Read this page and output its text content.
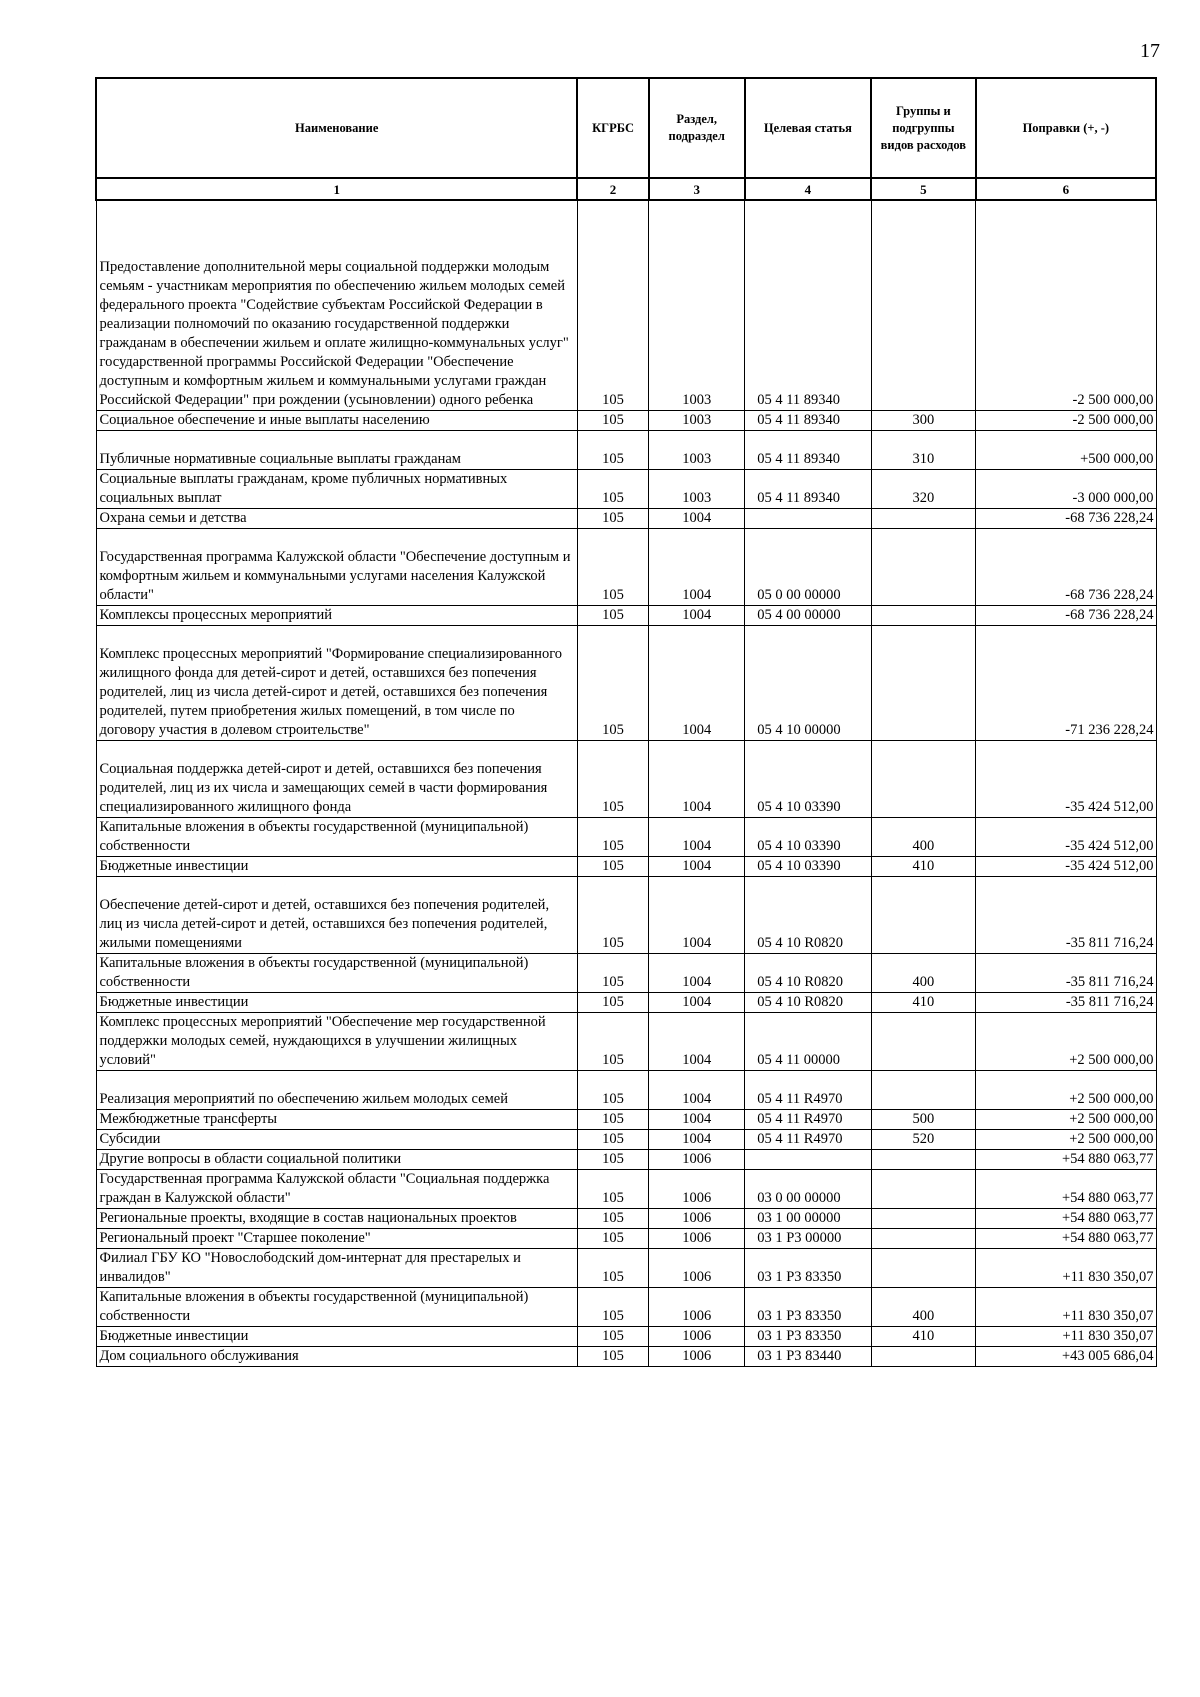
17
Наименование	КГРБС	Раздел, подраздел	Целевая статья	Группы и подгруппы видов расходов	Поправки (+, -)
1	2	3	4	5	6

Предоставление дополнительной меры социальной поддержки молодым семьям - участникам мероприятия по обеспечению жильем молодых семей федерального проекта "Содействие субъектам Российской Федерации в реализации полномочий по оказанию государственной поддержки гражданам в обеспечении жильем и оплате жилищно-коммунальных услуг" государственной программы Российской Федерации "Обеспечение доступным и комфортным жильем и коммунальными услугами граждан Российской Федерации" при рождении (усыновлении) одного ребенка	105	1003	05 4 11 89340		-2 500 000,00
Социальное обеспечение и иные выплаты населению	105	1003	05 4 11 89340	300	-2 500 000,00

Публичные нормативные социальные выплаты гражданам	105	1003	05 4 11 89340	310	+500 000,00
Социальные выплаты гражданам, кроме публичных нормативных социальных выплат	105	1003	05 4 11 89340	320	-3 000 000,00
Охрана семьи и детства	105	1004			-68 736 228,24

Государственная программа Калужской области "Обеспечение доступным и комфортным жильем и коммунальными услугами населения Калужской области"	105	1004	05 0 00 00000		-68 736 228,24
Комплексы процессных мероприятий	105	1004	05 4 00 00000		-68 736 228,24

Комплекс процессных мероприятий "Формирование специализированного жилищного фонда для детей-сирот и детей, оставшихся без попечения родителей, лиц из числа детей-сирот и детей, оставшихся без попечения родителей, путем приобретения жилых помещений, в том числе по договору участия в долевом строительстве"	105	1004	05 4 10 00000		-71 236 228,24

Социальная поддержка детей-сирот и детей, оставшихся без попечения родителей, лиц из их числа и замещающих семей в части формирования специализированного жилищного фонда	105	1004	05 4 10 03390		-35 424 512,00
Капитальные вложения в объекты государственной (муниципальной) собственности	105	1004	05 4 10 03390	400	-35 424 512,00
Бюджетные инвестиции	105	1004	05 4 10 03390	410	-35 424 512,00

Обеспечение детей-сирот и детей, оставшихся без попечения родителей, лиц из числа детей-сирот и детей, оставшихся без попечения родителей, жилыми помещениями	105	1004	05 4 10 R0820		-35 811 716,24
Капитальные вложения в объекты государственной (муниципальной) собственности	105	1004	05 4 10 R0820	400	-35 811 716,24
Бюджетные инвестиции	105	1004	05 4 10 R0820	410	-35 811 716,24
Комплекс процессных мероприятий "Обеспечение мер государственной поддержки молодых семей, нуждающихся в улучшении жилищных условий"	105	1004	05 4 11 00000		+2 500 000,00

Реализация мероприятий по обеспечению жильем молодых семей	105	1004	05 4 11 R4970		+2 500 000,00
Межбюджетные трансферты	105	1004	05 4 11 R4970	500	+2 500 000,00
Субсидии	105	1004	05 4 11 R4970	520	+2 500 000,00
Другие вопросы в области социальной политики	105	1006			+54 880 063,77
Государственная программа Калужской области "Социальная поддержка граждан в Калужской области"	105	1006	03 0 00 00000		+54 880 063,77
Региональные проекты, входящие в состав национальных проектов	105	1006	03 1 00 00000		+54 880 063,77
Региональный проект "Старшее поколение"	105	1006	03 1 P3 00000		+54 880 063,77
Филиал ГБУ КО "Новослободский дом-интернат для престарелых и инвалидов"	105	1006	03 1 P3 83350		+11 830 350,07
Капитальные вложения в объекты государственной (муниципальной) собственности	105	1006	03 1 P3 83350	400	+11 830 350,07
Бюджетные инвестиции	105	1006	03 1 P3 83350	410	+11 830 350,07
Дом социального обслуживания	105	1006	03 1 P3 83440		+43 005 686,04
